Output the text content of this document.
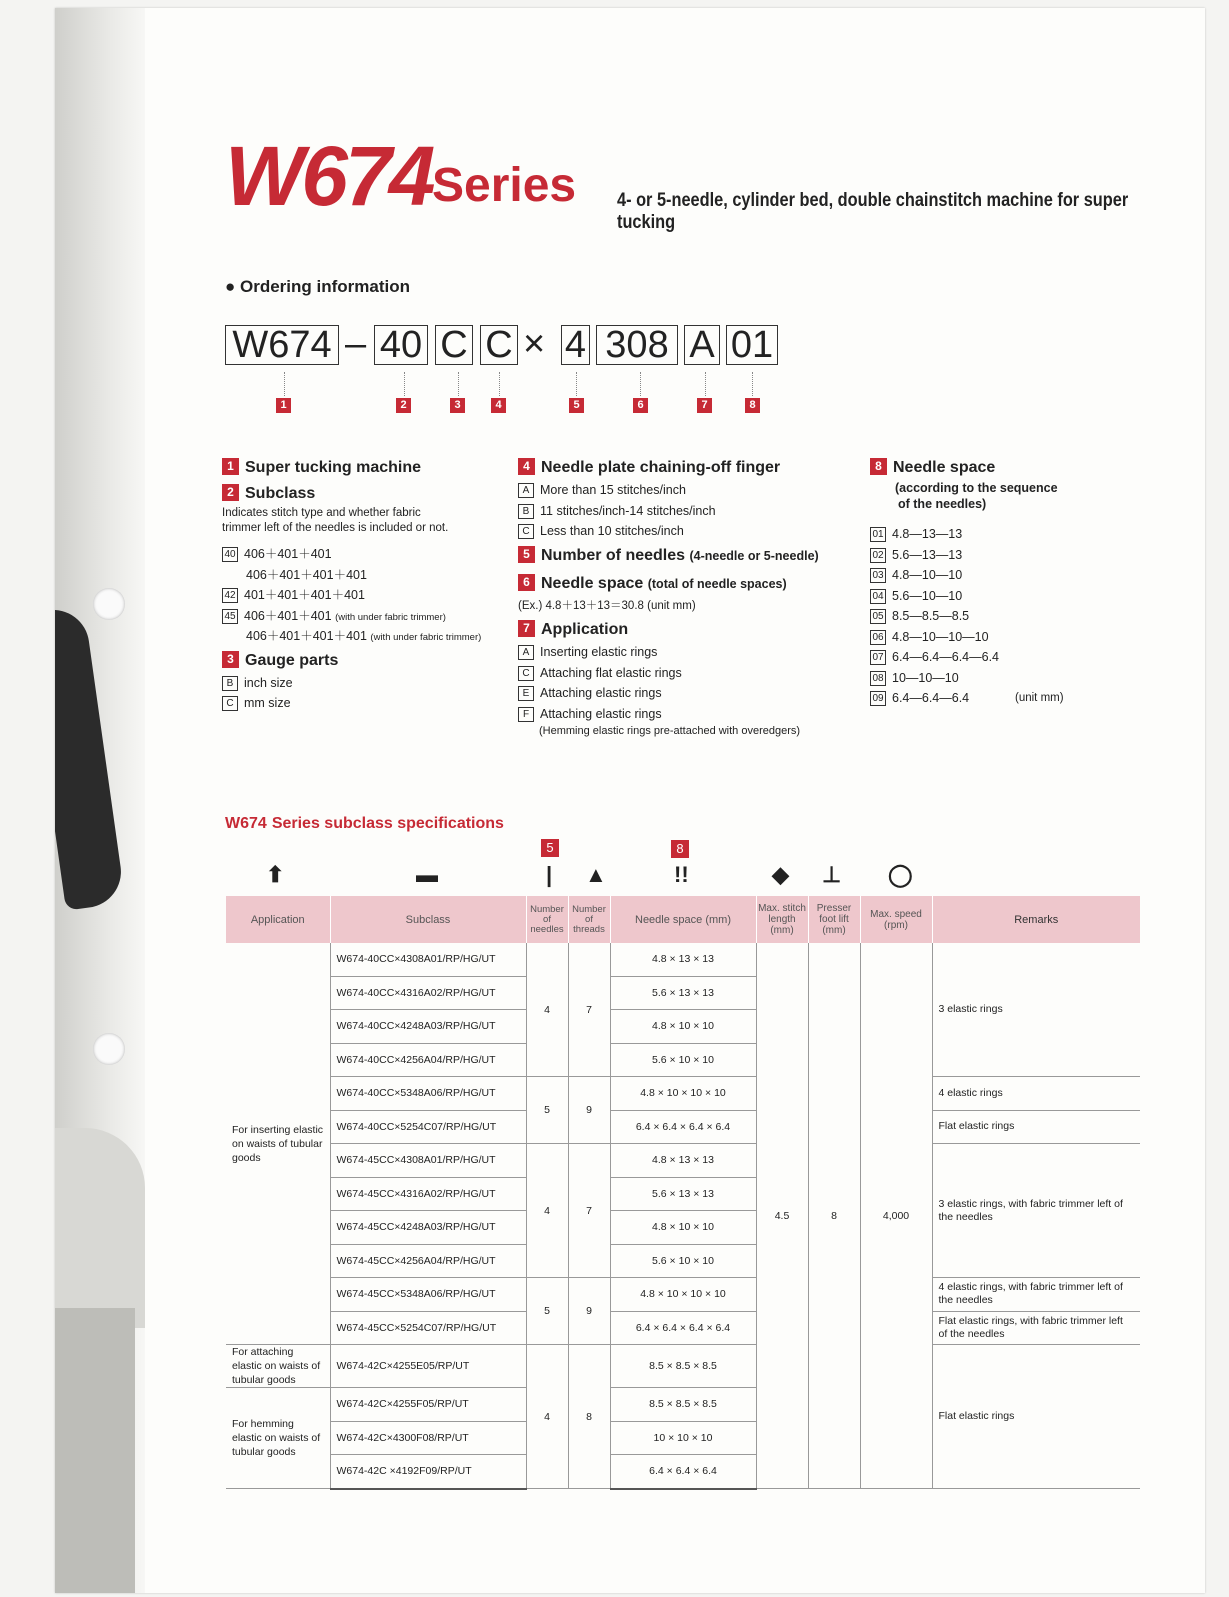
W674 Series 4- or 5-needle, cylinder bed, double chainstitch machine for super tucking
● Ordering information
W674 – 40 C C × 4 308 A 01
1	2	3	4	5	6	7	8
1 Super tucking machine
2 Subclass
Indicates stitch type and whether fabric
trimmer left of the needles is included or not.
40 406＋401＋401
406＋401＋401＋401
42 401＋401＋401＋401
45 406＋401＋401 (with under fabric trimmer)
406＋401＋401＋401 (with under fabric trimmer)
3 Gauge parts
B inch size
C mm size
4 Needle plate chaining-off finger
A More than 15 stitches/inch
B 11 stitches/inch-14 stitches/inch
C Less than 10 stitches/inch
5 Number of needles (4-needle or 5-needle)
6 Needle space (total of needle spaces)
(Ex.) 4.8＋13＋13＝30.8 (unit mm)
7 Application
A Inserting elastic rings
C Attaching flat elastic rings
E Attaching elastic rings
F Attaching elastic rings
(Hemming elastic rings pre-attached with overedgers)
8 Needle space
(according to the sequence
of the needles)
01 4.8—13—13
02 5.6—13—13
03 4.8—10—10
04 5.6—10—10
05 8.5—8.5—8.5
06 4.8—10—10—10
07 6.4—6.4—6.4—6.4
08 10—10—10
09 6.4—6.4—6.4	(unit mm)
W674 Series subclass specifications
⬆	▬
5
| ▲
8
!!	◆ ⊥ ◯
Application	Subclass	Number of needles	Number of threads	Needle space (mm)	Max. stitch length (mm)	Presser foot lift (mm)	Max. speed (rpm)	Remarks
For inserting elastic on waists of tubular goods	W674-40CC×4308A01/RP/HG/UT	4	7	4.8 × 13 × 13	4.5	8	4,000	3 elastic rings
	W674-40CC×4316A02/RP/HG/UT			5.6 × 13 × 13				
	W674-40CC×4248A03/RP/HG/UT			4.8 × 10 × 10				
	W674-40CC×4256A04/RP/HG/UT			5.6 × 10 × 10				
	W674-40CC×5348A06/RP/HG/UT	5	9	4.8 × 10 × 10 × 10				4 elastic rings
	W674-40CC×5254C07/RP/HG/UT			6.4 × 6.4 × 6.4 × 6.4				Flat elastic rings
	W674-45CC×4308A01/RP/HG/UT	4	7	4.8 × 13 × 13				3 elastic rings, with fabric trimmer left of the needles
	W674-45CC×4316A02/RP/HG/UT			5.6 × 13 × 13				
	W674-45CC×4248A03/RP/HG/UT			4.8 × 10 × 10				
	W674-45CC×4256A04/RP/HG/UT			5.6 × 10 × 10				
	W674-45CC×5348A06/RP/HG/UT	5	9	4.8 × 10 × 10 × 10				4 elastic rings, with fabric trimmer left of the needles
	W674-45CC×5254C07/RP/HG/UT			6.4 × 6.4 × 6.4 × 6.4				Flat elastic rings, with fabric trimmer left of the needles
For attaching elastic on waists of tubular goods	W674-42C×4255E05/RP/UT	4	8	8.5 × 8.5 × 8.5				Flat elastic rings
For hemming elastic on waists of tubular goods	W674-42C×4255F05/RP/UT			8.5 × 8.5 × 8.5				
	W674-42C×4300F08/RP/UT			10 × 10 × 10				
	W674-42C ×4192F09/RP/UT			6.4 × 6.4 × 6.4				
